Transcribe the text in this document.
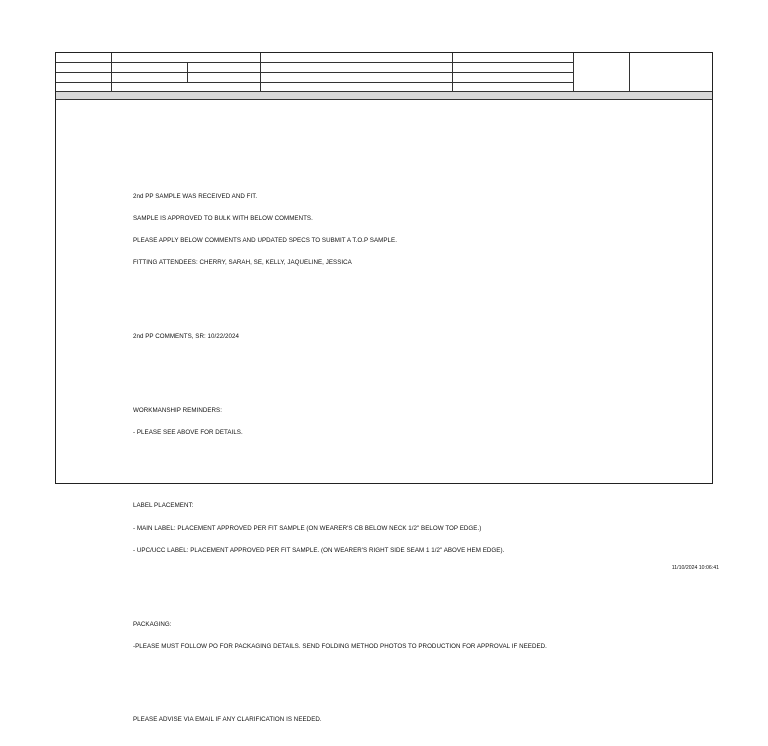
2nd PP SAMPLE WAS RECEIVED AND FIT.

SAMPLE IS APPROVED TO BULK WITH BELOW COMMENTS.

PLEASE APPLY BELOW COMMENTS AND UPDATED SPECS TO SUBMIT A T.O.P SAMPLE.

FITTING ATTENDEES: CHERRY, SARAH, SE, KELLY, JAQUELINE, JESSICA

2nd PP COMMENTS, SR: 10/22/2024

WORKMANSHIP REMINDERS:

- PLEASE SEE ABOVE FOR DETAILS.

LABEL PLACEMENT:

- MAIN LABEL: PLACEMENT APPROVED PER FIT SAMPLE (ON WEARER'S CB BELOW NECK 1/2" BELOW TOP EDGE.)

- UPC/UCC LABEL: PLACEMENT APPROVED PER FIT SAMPLE. (ON WEARER'S RIGHT SIDE SEAM 1 1/2" ABOVE HEM EDGE).

PACKAGING:

-PLEASE MUST FOLLOW PO FOR PACKAGING DETAILS. SEND FOLDING METHOD PHOTOS TO PRODUCTION FOR APPROVAL IF NEEDED.

PLEASE ADVISE VIA EMAIL IF ANY CLARIFICATION IS NEEDED.

11/10/2024 10:06:41
